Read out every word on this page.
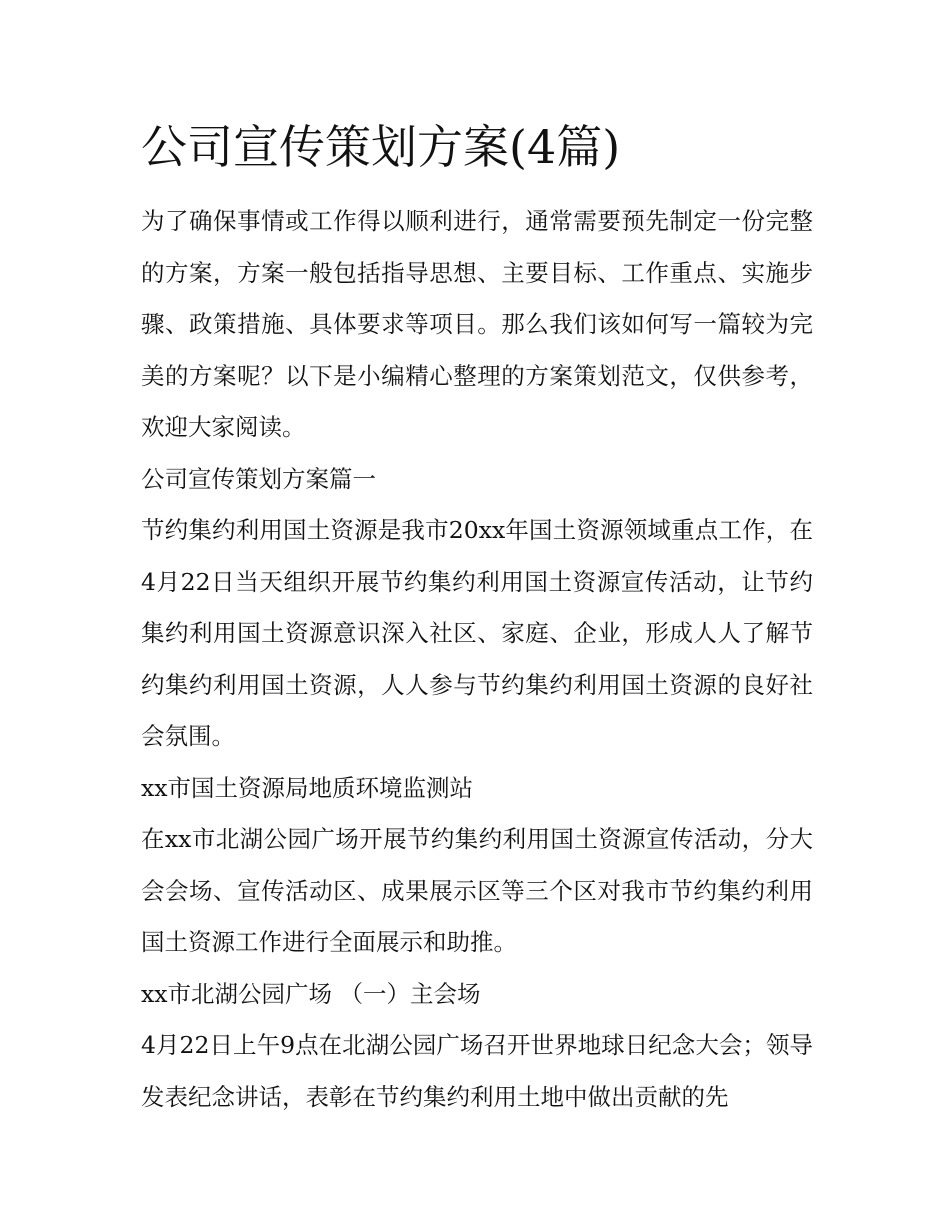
公司宣传策划方案(4篇)

为了确保事情或工作得以顺利进行，通常需要预先制定一份完整的方案，方案一般包括指导思想、主要目标、工作重点、实施步骤、政策措施、具体要求等项目。那么我们该如何写一篇较为完美的方案呢？以下是小编精心整理的方案策划范文，仅供参考，欢迎大家阅读。

公司宣传策划方案篇一

节约集约利用国土资源是我市20xx年国土资源领域重点工作，在4月22日当天组织开展节约集约利用国土资源宣传活动，让节约集约利用国土资源意识深入社区、家庭、企业，形成人人了解节约集约利用国土资源，人人参与节约集约利用国土资源的良好社会氛围。

xx市国土资源局地质环境监测站

在xx市北湖公园广场开展节约集约利用国土资源宣传活动，分大会会场、宣传活动区、成果展示区等三个区对我市节约集约利用国土资源工作进行全面展示和助推。

xx市北湖公园广场 （一）主会场

4月22日上午9点在北湖公园广场召开世界地球日纪念大会；领导发表纪念讲话，表彰在节约集约利用土地中做出贡献的先
